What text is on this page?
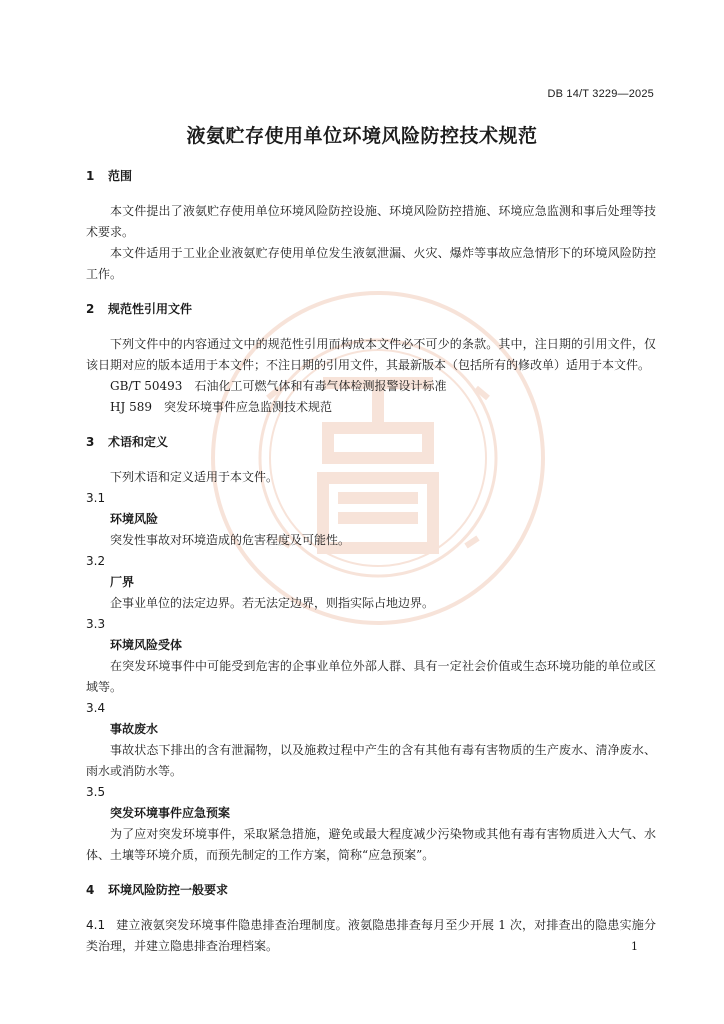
DB 14/T 3229—2025
液氨贮存使用单位环境风险防控技术规范

1 范围

本文件提出了液氨贮存使用单位环境风险防控设施、环境风险防控措施、环境应急监测和事后处理等技术要求。

本文件适用于工业企业液氨贮存使用单位发生液氨泄漏、火灾、爆炸等事故应急情形下的环境风险防控工作。

2 规范性引用文件

下列文件中的内容通过文中的规范性引用而构成本文件必不可少的条款。其中，注日期的引用文件，仅该日期对应的版本适用于本文件；不注日期的引用文件，其最新版本（包括所有的修改单）适用于本文件。

GB/T 50493　石油化工可燃气体和有毒气体检测报警设计标准

HJ 589　突发环境事件应急监测技术规范

3 术语和定义

下列术语和定义适用于本文件。

3.1

环境风险

突发性事故对环境造成的危害程度及可能性。

3.2

厂界

企事业单位的法定边界。若无法定边界，则指实际占地边界。

3.3

环境风险受体

在突发环境事件中可能受到危害的企事业单位外部人群、具有一定社会价值或生态环境功能的单位或区域等。

3.4

事故废水

事故状态下排出的含有泄漏物，以及施救过程中产生的含有其他有毒有害物质的生产废水、清净废水、雨水或消防水等。

3.5

突发环境事件应急预案

为了应对突发环境事件，采取紧急措施，避免或最大程度减少污染物或其他有毒有害物质进入大气、水体、土壤等环境介质，而预先制定的工作方案，简称“应急预案”。

4 环境风险防控一般要求

4.1 建立液氨突发环境事件隐患排查治理制度。液氨隐患排查每月至少开展 1 次，对排查出的隐患实施分类治理，并建立隐患排查治理档案。	1
